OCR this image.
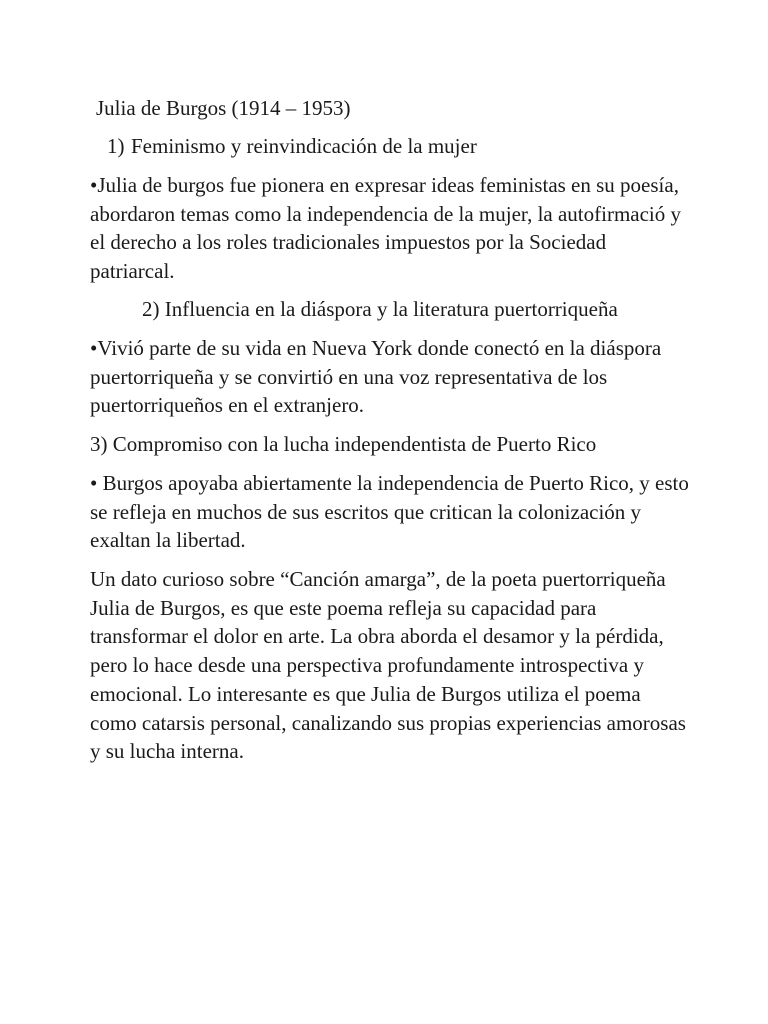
Julia de Burgos (1914 – 1953)

1) Feminismo y reinvindicación de la mujer

•Julia de burgos fue pionera en expresar ideas feministas en su poesía, abordaron temas como la independencia de la mujer, la autofirmació y el derecho a los roles tradicionales impuestos por la Sociedad patriarcal.

2) Influencia en la diáspora y la literatura puertorriqueña

•Vivió parte de su vida en Nueva York donde conectó en la diáspora puertorriqueña y se convirtió en una voz representativa de los puertorriqueños en el extranjero.

3) Compromiso con la lucha independentista de Puerto Rico

• Burgos apoyaba abiertamente la independencia de Puerto Rico, y esto se refleja en muchos de sus escritos que critican la colonización y exaltan la libertad.

Un dato curioso sobre “Canción amarga”, de la poeta puertorriqueña Julia de Burgos, es que este poema refleja su capacidad para transformar el dolor en arte. La obra aborda el desamor y la pérdida, pero lo hace desde una perspectiva profundamente introspectiva y emocional. Lo interesante es que Julia de Burgos utiliza el poema como catarsis personal, canalizando sus propias experiencias amorosas y su lucha interna.
